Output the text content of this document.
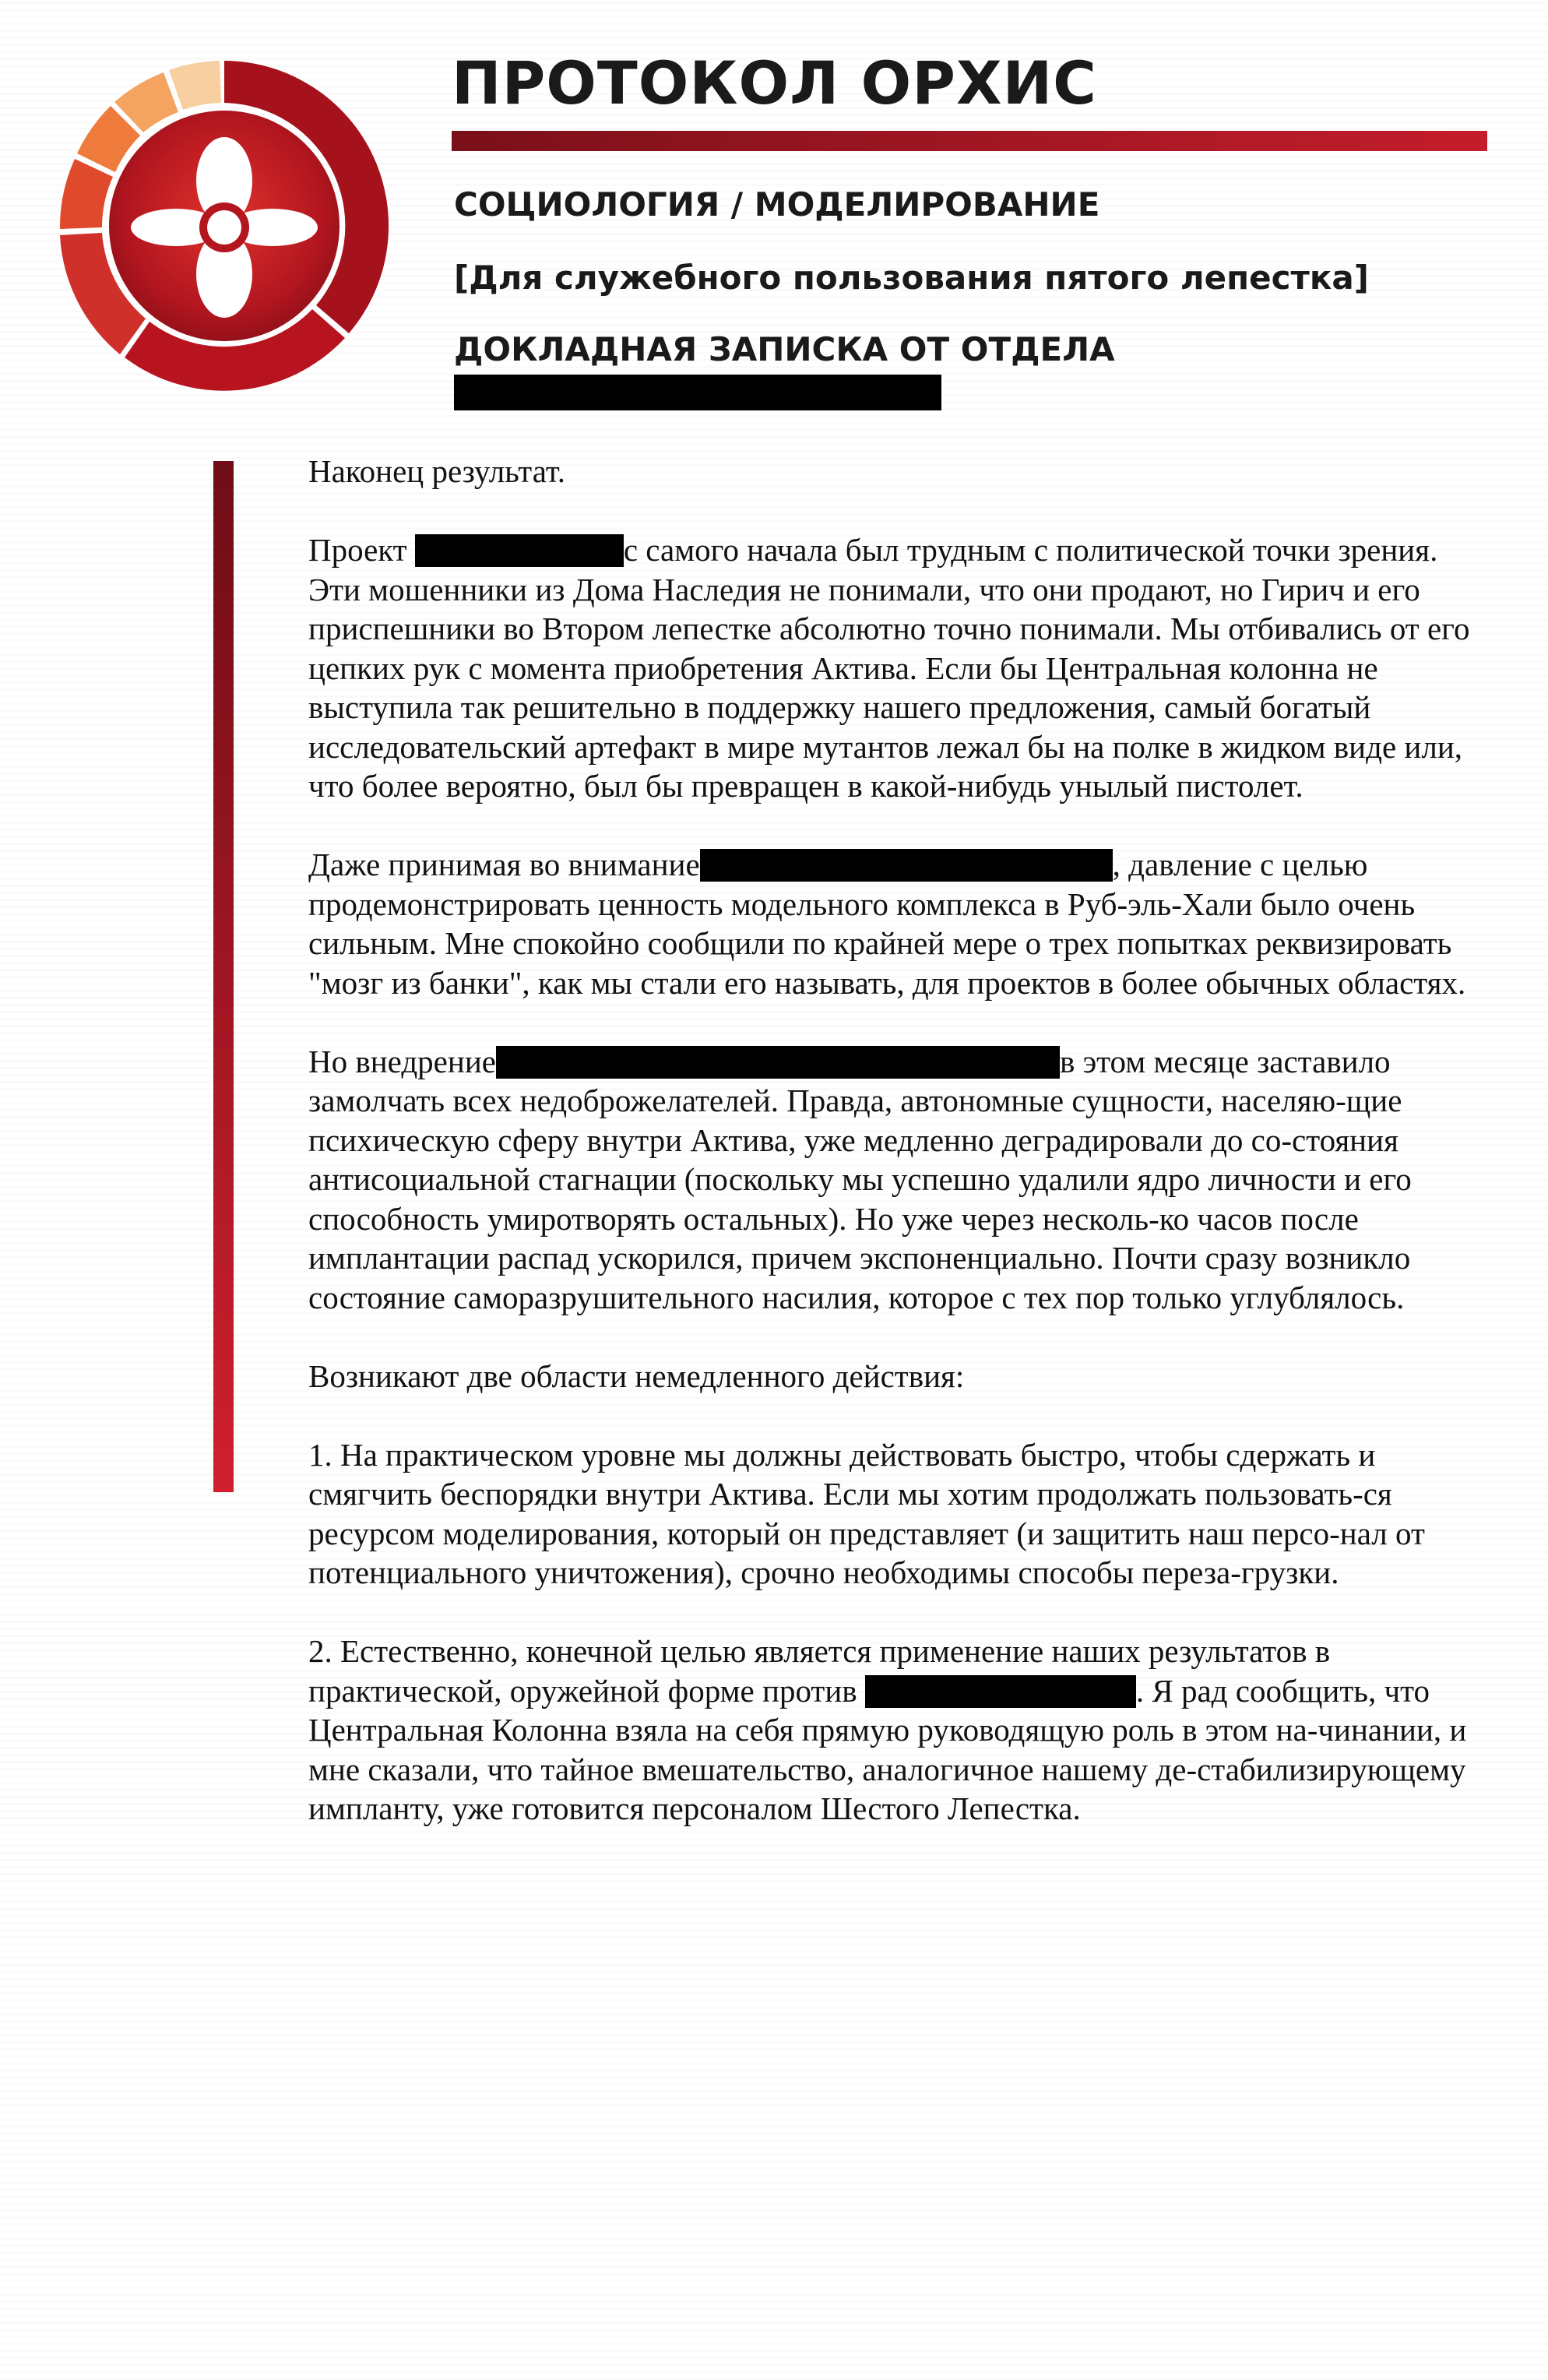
ПРОТОКОЛ ОРХИС
СОЦИОЛОГИЯ / МОДЕЛИРОВАНИЕ
[Для служебного пользования пятого лепестка]
ДОКЛАДНАЯ ЗАПИСКА ОТ ОТДЕЛА

Наконец результат.

Проект	с самого начала был трудным с политической точки зрения. Эти мошенники из Дома Наследия не понимали, что они продают, но Гирич и его приспешники во Втором лепестке абсолютно точно понимали. Мы отбивались от его цепких рук с момента приобретения Актива. Если бы Центральная колонна не выступила так решительно в поддержку нашего предложения, самый богатый исследовательский артефакт в мире мутантов лежал бы на полке в жидком виде или, что более вероятно, был бы превращен в какой-нибудь унылый пистолет.

Даже принимая во внимание	, давление с целью продемонстрировать ценность модельного комплекса в Руб-эль-Хали было очень сильным. Мне спокойно сообщили по крайней мере о трех попытках реквизировать "мозг из банки", как мы стали его называть, для проектов в более обычных областях.

Но внедрение	в этом месяце заставило замолчать всех недоброжелателей. Правда, автономные сущности, населяю-щие психическую сферу внутри Актива, уже медленно деградировали до со-стояния антисоциальной стагнации (поскольку мы успешно удалили ядро личности и его способность умиротворять остальных). Но уже через несколь-ко часов после имплантации распад ускорился, причем экспоненциально. Почти сразу возникло состояние саморазрушительного насилия, которое с тех пор только углублялось.

Возникают две области немедленного действия:

1. На практическом уровне мы должны действовать быстро, чтобы сдержать и смягчить беспорядки внутри Актива. Если мы хотим продолжать пользовать-ся ресурсом моделирования, который он представляет (и защитить наш персо-нал от потенциального уничтожения), срочно необходимы способы переза-грузки.

2. Естественно, конечной целью является применение наших результатов в практической, оружейной форме против	. Я рад сообщить, что Центральная Колонна взяла на себя прямую руководящую роль в этом на-чинании, и мне сказали, что тайное вмешательство, аналогичное нашему де-стабилизирующему импланту, уже готовится персоналом Шестого Лепестка.
